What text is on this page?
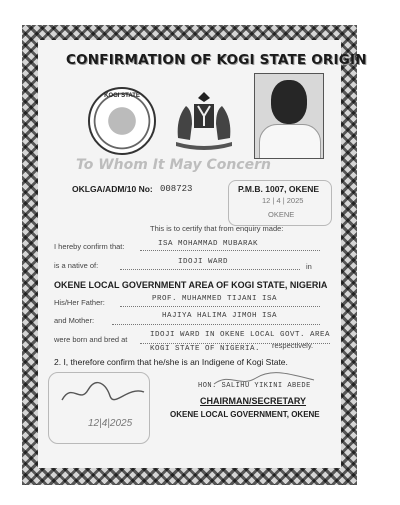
CONFIRMATION OF KOGI STATE ORIGIN
KOGI STATE
To Whom It May Concern
12 | 4 | 2025
OKENE
OKLGA/ADM/10 No: 008723	P.M.B. 1007, OKENE
This is to certify that from enquiry made:
I hereby confirm that:	ISA MOHAMMAD MUBARAK
is a native of:	IDOJI WARD	in
OKENE LOCAL GOVERNMENT AREA OF KOGI STATE, NIGERIA
His/Her Father:	PROF. MUHAMMED TIJANI ISA
and Mother:	HAJIYA HALIMA JIMOH ISA
were born and bred at	IDOJI WARD IN OKENE LOCAL GOVT. AREA
KOGI STATE OF NIGERIA. respectively.
2. I, therefore confirm that he/she is an Indigene of Kogi State.
12|4|2025
HON. SALIHU YIKINI ABEDE
CHAIRMAN/SECRETARY
OKENE LOCAL GOVERNMENT, OKENE
